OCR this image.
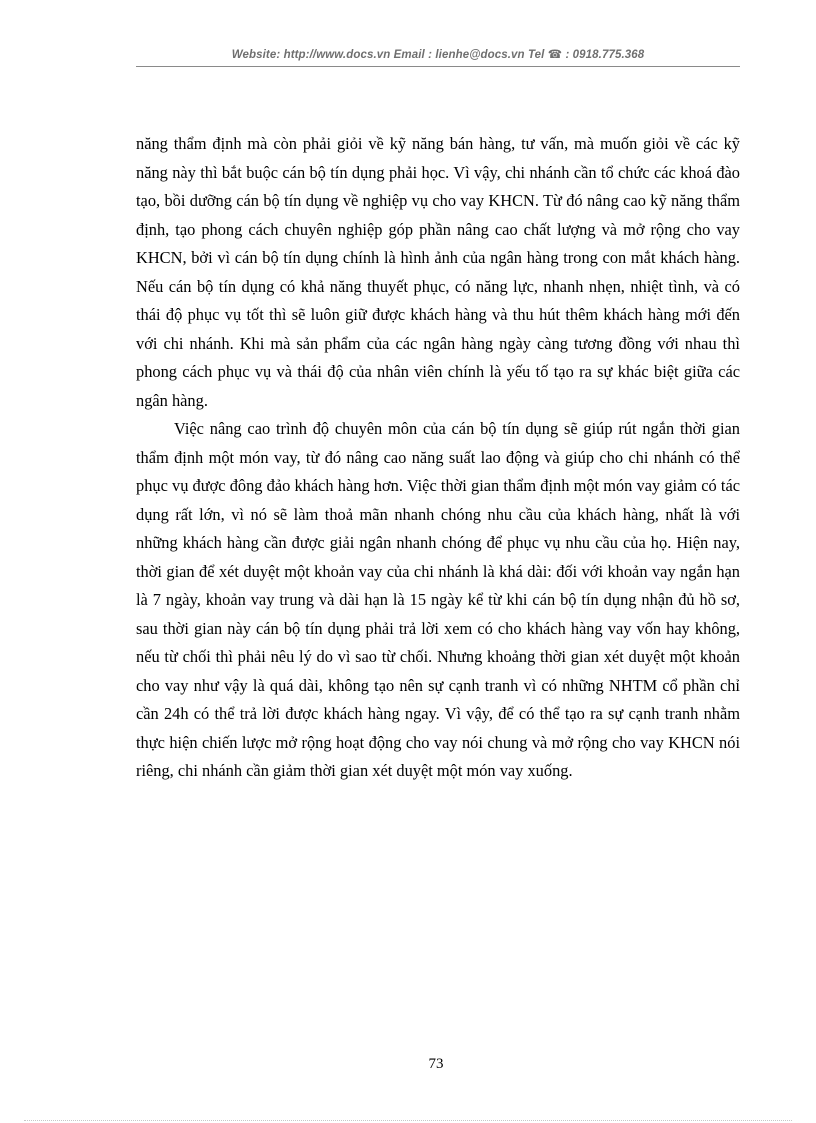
Website: http://www.docs.vn Email : lienhe@docs.vn Tel ☎ : 0918.775.368

năng thẩm định mà còn phải giỏi về kỹ năng bán hàng, tư vấn, mà muốn giỏi về các kỹ năng này thì bắt buộc cán bộ tín dụng phải học. Vì vậy, chi nhánh cần tổ chức các khoá đào tạo, bồi dưỡng cán bộ tín dụng về nghiệp vụ cho vay KHCN. Từ đó nâng cao kỹ năng thẩm định, tạo phong cách chuyên nghiệp góp phần nâng cao chất lượng và mở rộng cho vay KHCN, bởi vì cán bộ tín dụng chính là hình ảnh của ngân hàng trong con mắt khách hàng. Nếu cán bộ tín dụng có khả năng thuyết phục, có năng lực, nhanh nhẹn, nhiệt tình, và có thái độ phục vụ tốt thì sẽ luôn giữ được khách hàng và thu hút thêm khách hàng mới đến với chi nhánh. Khi mà sản phẩm của các ngân hàng ngày càng tương đồng với nhau thì phong cách phục vụ và thái độ của nhân viên chính là yếu tố tạo ra sự khác biệt giữa các ngân hàng.

Việc nâng cao trình độ chuyên môn của cán bộ tín dụng sẽ giúp rút ngắn thời gian thẩm định một món vay, từ đó nâng cao năng suất lao động và giúp cho chi nhánh có thể phục vụ được đông đảo khách hàng hơn. Việc thời gian thẩm định một món vay giảm có tác dụng rất lớn, vì nó sẽ làm thoả mãn nhanh chóng nhu cầu của khách hàng, nhất là với những khách hàng cần được giải ngân nhanh chóng để phục vụ nhu cầu của họ. Hiện nay, thời gian để xét duyệt một khoản vay của chi nhánh là khá dài: đối với khoản vay ngắn hạn là 7 ngày, khoản vay trung và dài hạn là 15 ngày kể từ khi cán bộ tín dụng nhận đủ hồ sơ, sau thời gian này cán bộ tín dụng phải trả lời xem có cho khách hàng vay vốn hay không, nếu từ chối thì phải nêu lý do vì sao từ chối. Nhưng khoảng thời gian xét duyệt một khoản cho vay như vậy là quá dài, không tạo nên sự cạnh tranh vì có những NHTM cổ phần chỉ cần 24h có thể trả lời được khách hàng ngay. Vì vậy, để có thể tạo ra sự cạnh tranh nhằm thực hiện chiến lược mở rộng hoạt động cho vay nói chung và mở rộng cho vay KHCN nói riêng, chi nhánh cần giảm thời gian xét duyệt một món vay xuống.

73
